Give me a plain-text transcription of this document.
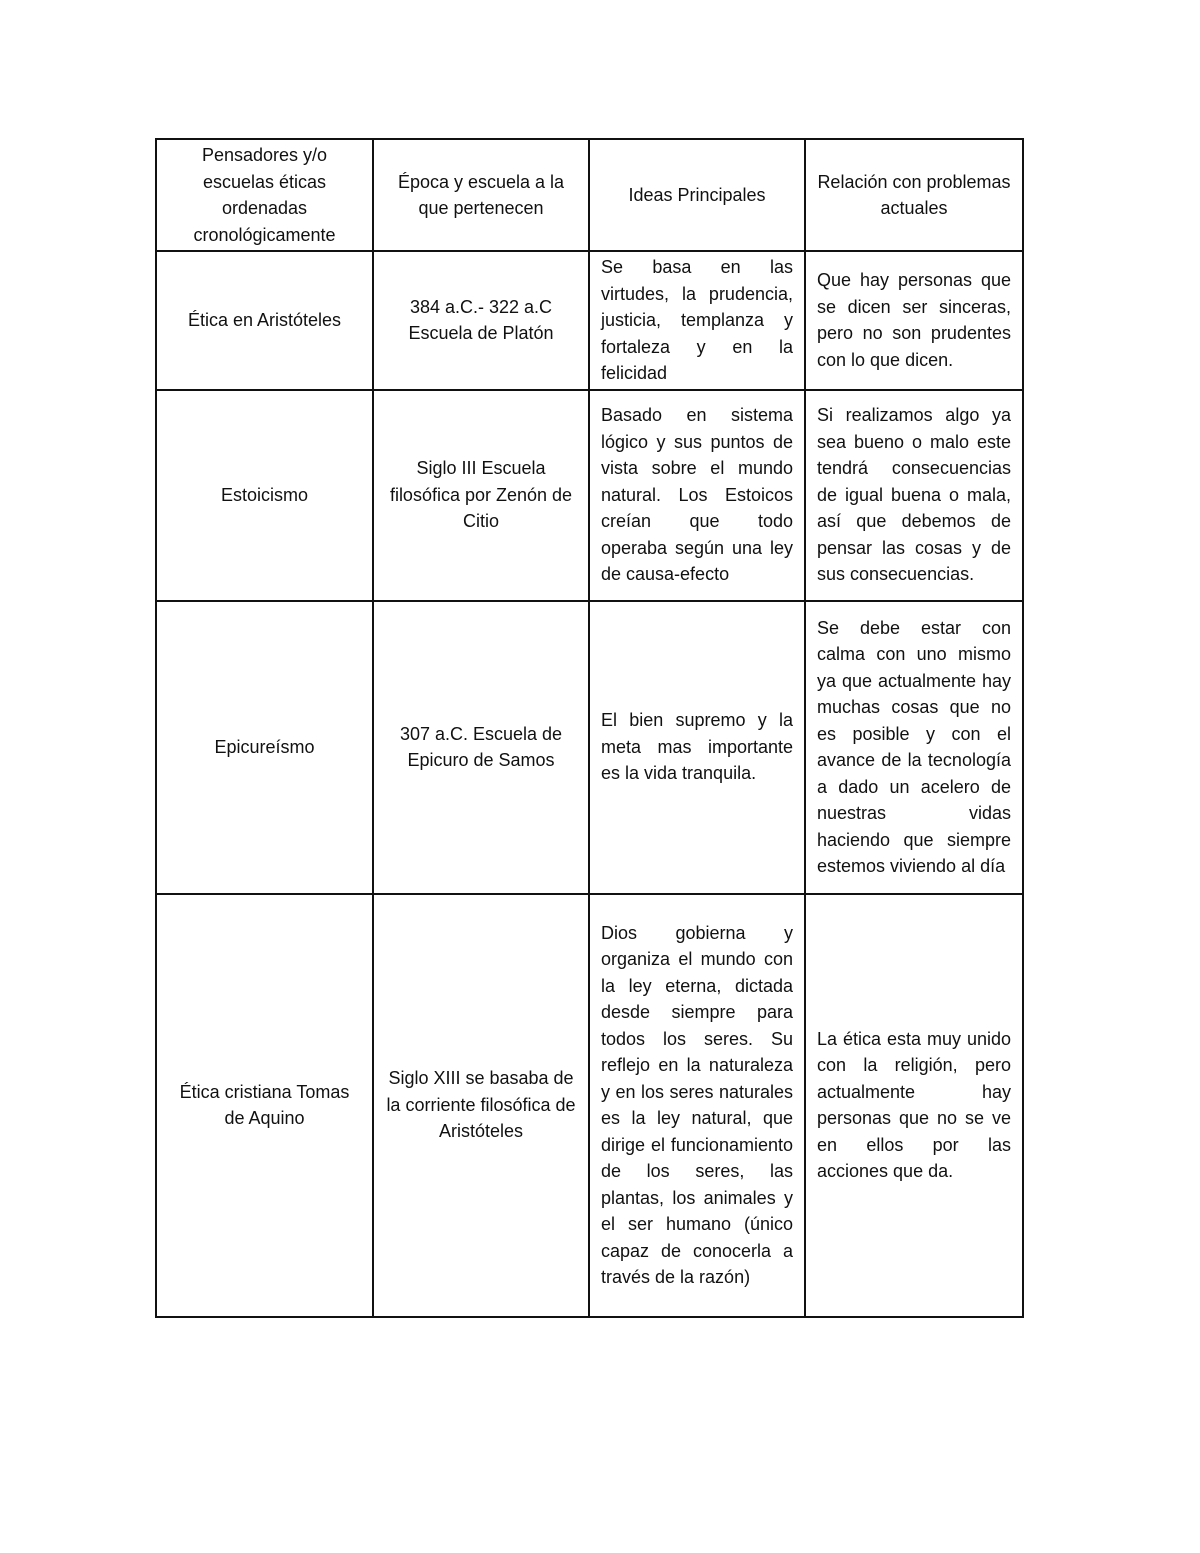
Pensadores y/o escuelas éticas ordenadas cronológicamente	Época y escuela a la que pertenecen	Ideas Principales	Relación con problemas actuales
Ética en Aristóteles	384 a.C.- 322 a.C Escuela de Platón	Se basa en las virtudes, la prudencia, justicia, templanza y fortaleza y en la felicidad	Que hay personas que se dicen ser sinceras, pero no son prudentes con lo que dicen.
Estoicismo	Siglo III Escuela filosófica por Zenón de Citio	Basado en sistema lógico y sus puntos de vista sobre el mundo natural. Los Estoicos creían que todo operaba según una ley de causa-efecto	Si realizamos algo ya sea bueno o malo este tendrá consecuencias de igual buena o mala, así que debemos de pensar las cosas y de sus consecuencias.
Epicureísmo	307 a.C. Escuela de Epicuro de Samos	El bien supremo y la meta mas importante es la vida tranquila.	Se debe estar con calma con uno mismo ya que actualmente hay muchas cosas que no es posible y con el avance de la tecnología a dado un acelero de nuestras vidas haciendo que siempre estemos viviendo al día
Ética cristiana Tomas de Aquino	Siglo XIII se basaba de la corriente filosófica de Aristóteles	Dios gobierna y organiza el mundo con la ley eterna, dictada desde siempre para todos los seres. Su reflejo en la naturaleza y en los seres naturales es la ley natural, que dirige el funcionamiento de los seres, las plantas, los animales y el ser humano (único capaz de conocerla a través de la razón)	La ética esta muy unido con la religión, pero actualmente hay personas que no se ve en ellos por las acciones que da.
